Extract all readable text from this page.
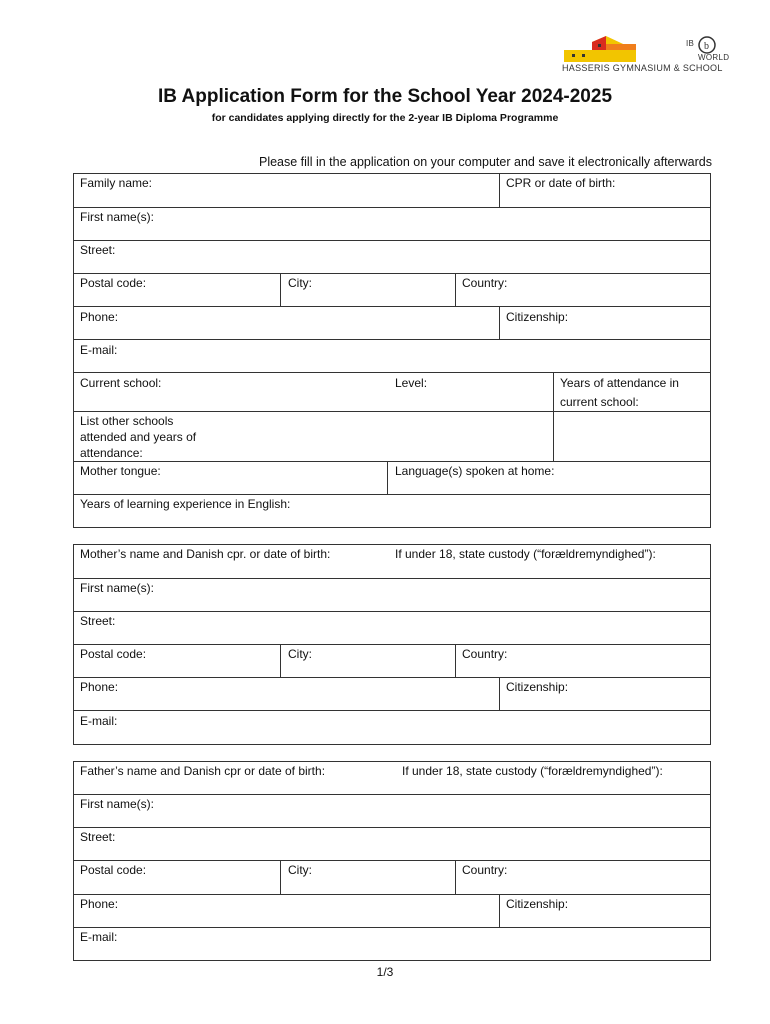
IB b
WORLD
HASSERIS GYMNASIUM & SCHOOL
IB Application Form for the School Year 2024-2025
for candidates applying directly for the 2-year IB Diploma Programme
Please fill in the application on your computer and save it electronically afterwards
Family name:	CPR or date of birth:
First name(s):
Street:
Postal code:	City:	Country:
Phone:	Citizenship:
E-mail:
Current school:	Level:	Years of attendance in current school:
List other schools attended and years of attendance:
Mother tongue:	Language(s) spoken at home:
Years of learning experience in English:
Mother’s name and Danish cpr. or date of birth:	If under 18, state custody (“forældremyndighed”):
First name(s):
Street:
Postal code:	City:	Country:
Phone:	Citizenship:
E-mail:
Father’s name and Danish cpr or date of birth:	If under 18, state custody (“forældremyndighed”):
First name(s):
Street:
Postal code:	City:	Country:
Phone:	Citizenship:
E-mail:
1/3
